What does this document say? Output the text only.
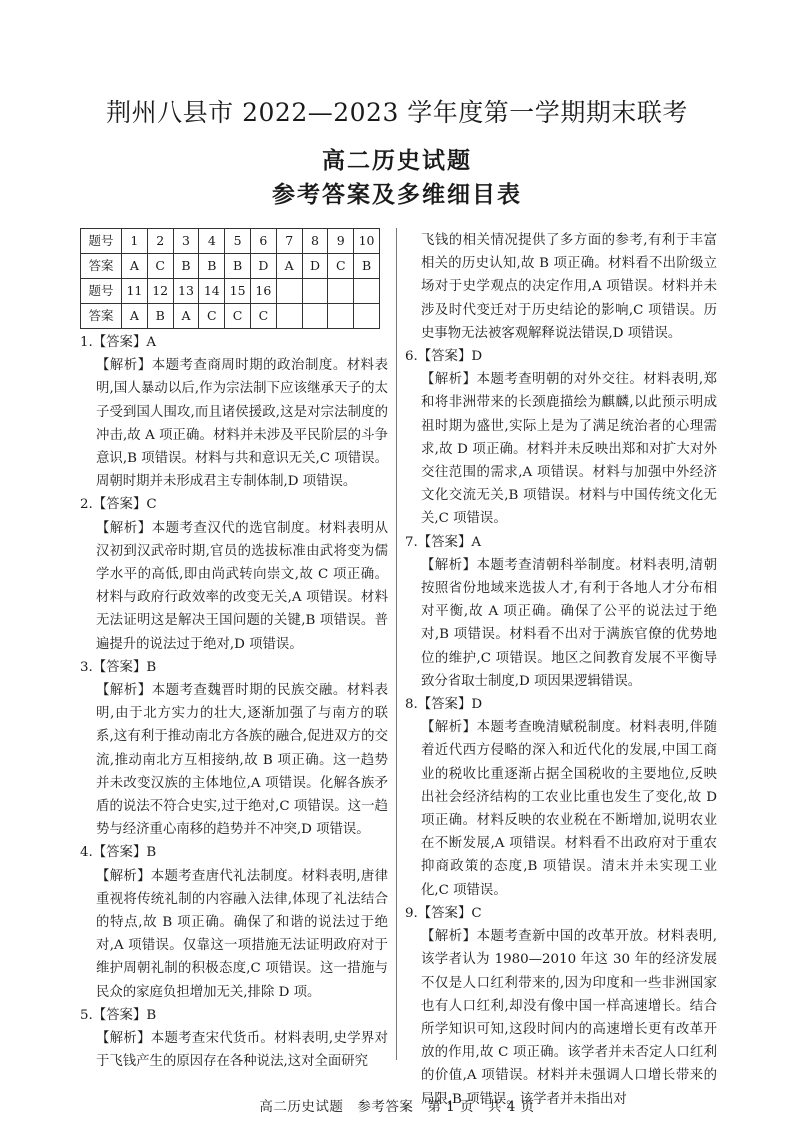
荆州八县市 2022—2023 学年度第一学期期末联考
高二历史试题
参考答案及多维细目表
题号	1	2	3	4	5	6	7	8	9	10
答案	A	C	B	B	B	D	A	D	C	B
题号	11	12	13	14	15	16				
答案	A	B	A	C	C	C				
1.【答案】A
【解析】本题考查商周时期的政治制度。材料表明,国人暴动以后,作为宗法制下应该继承天子的太子受到国人围攻,而且诸侯援政,这是对宗法制度的冲击,故 A 项正确。材料并未涉及平民阶层的斗争意识,B 项错误。材料与共和意识无关,C 项错误。周朝时期并未形成君主专制体制,D 项错误。
2.【答案】C
【解析】本题考查汉代的选官制度。材料表明从汉初到汉武帝时期,官员的选拔标准由武将变为儒学水平的高低,即由尚武转向崇文,故 C 项正确。材料与政府行政效率的改变无关,A 项错误。材料无法证明这是解决王国问题的关键,B 项错误。普遍提升的说法过于绝对,D 项错误。
3.【答案】B
【解析】本题考查魏晋时期的民族交融。材料表明,由于北方实力的壮大,逐渐加强了与南方的联系,这有利于推动南北方各族的融合,促进双方的交流,推动南北方互相接纳,故 B 项正确。这一趋势并未改变汉族的主体地位,A 项错误。化解各族矛盾的说法不符合史实,过于绝对,C 项错误。这一趋势与经济重心南移的趋势并不冲突,D 项错误。
4.【答案】B
【解析】本题考查唐代礼法制度。材料表明,唐律重视将传统礼制的内容融入法律,体现了礼法结合的特点,故 B 项正确。确保了和谐的说法过于绝对,A 项错误。仅靠这一项措施无法证明政府对于维护周朝礼制的积极态度,C 项错误。这一措施与民众的家庭负担增加无关,排除 D 项。
5.【答案】B
【解析】本题考查宋代货币。材料表明,史学界对于飞钱产生的原因存在各种说法,这对全面研究
飞钱的相关情况提供了多方面的参考,有利于丰富相关的历史认知,故 B 项正确。材料看不出阶级立场对于史学观点的决定作用,A 项错误。材料并未涉及时代变迁对于历史结论的影响,C 项错误。历史事物无法被客观解释说法错误,D 项错误。
6.【答案】D
【解析】本题考查明朝的对外交往。材料表明,郑和将非洲带来的长颈鹿描绘为麒麟,以此预示明成祖时期为盛世,实际上是为了满足统治者的心理需求,故 D 项正确。材料并未反映出郑和对扩大对外交往范围的需求,A 项错误。材料与加强中外经济文化交流无关,B 项错误。材料与中国传统文化无关,C 项错误。
7.【答案】A
【解析】本题考查清朝科举制度。材料表明,清朝按照省份地域来选拔人才,有利于各地人才分布相对平衡,故 A 项正确。确保了公平的说法过于绝对,B 项错误。材料看不出对于满族官僚的优势地位的维护,C 项错误。地区之间教育发展不平衡导致分省取士制度,D 项因果逻辑错误。
8.【答案】D
【解析】本题考查晚清赋税制度。材料表明,伴随着近代西方侵略的深入和近代化的发展,中国工商业的税收比重逐渐占据全国税收的主要地位,反映出社会经济结构的工农业比重也发生了变化,故 D 项正确。材料反映的农业税在不断增加,说明农业在不断发展,A 项错误。材料看不出政府对于重农抑商政策的态度,B 项错误。清末并未实现工业化,C 项错误。
9.【答案】C
【解析】本题考查新中国的改革开放。材料表明,该学者认为 1980—2010 年这 30 年的经济发展不仅是人口红利带来的,因为印度和一些非洲国家也有人口红利,却没有像中国一样高速增长。结合所学知识可知,这段时间内的高速增长更有改革开放的作用,故 C 项正确。该学者并未否定人口红利的价值,A 项错误。材料并未强调人口增长带来的局限,B 项错误。该学者并未指出对
高二历史试题　参考答案　第 1 页　共 4 页
